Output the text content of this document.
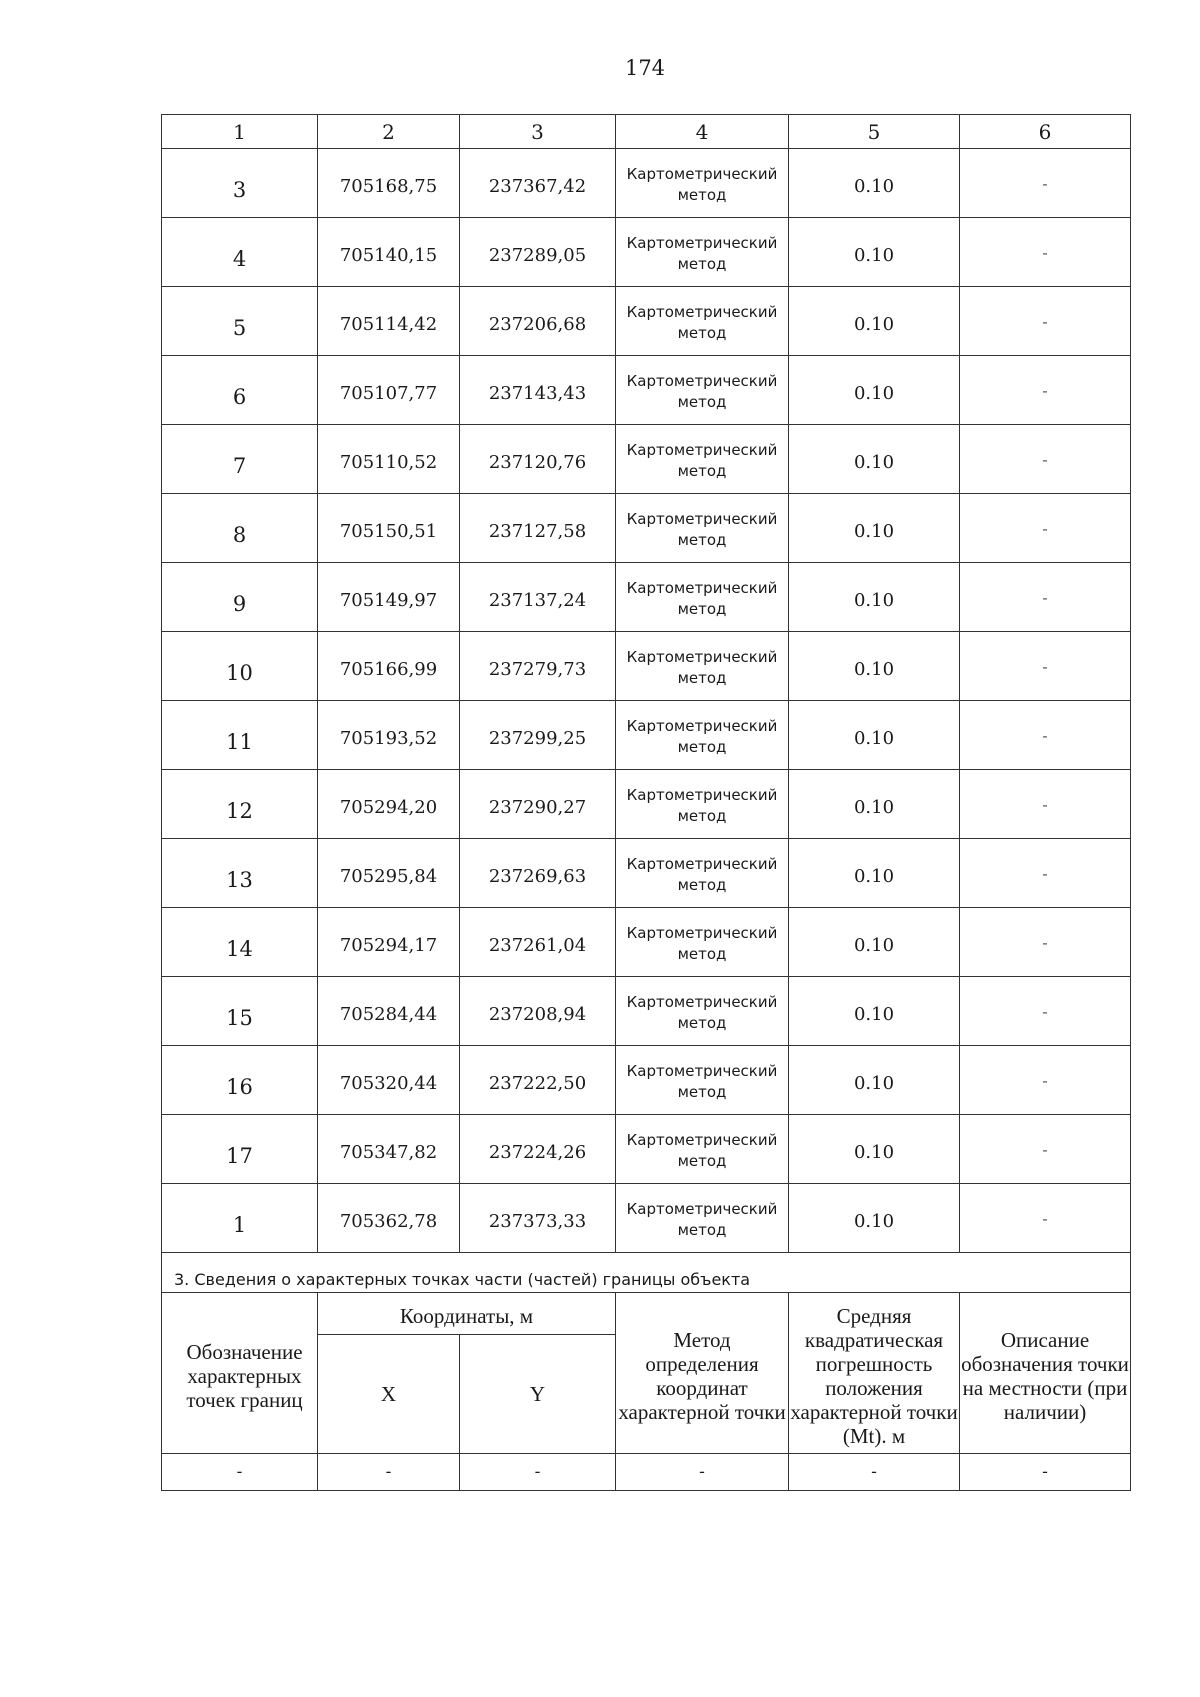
174
1	2	3	4	5	6
3	705168,75	237367,42	Картометрический метод	0.10	-
4	705140,15	237289,05	Картометрический метод	0.10	-
5	705114,42	237206,68	Картометрический метод	0.10	-
6	705107,77	237143,43	Картометрический метод	0.10	-
7	705110,52	237120,76	Картометрический метод	0.10	-
8	705150,51	237127,58	Картометрический метод	0.10	-
9	705149,97	237137,24	Картометрический метод	0.10	-
10	705166,99	237279,73	Картометрический метод	0.10	-
11	705193,52	237299,25	Картометрический метод	0.10	-
12	705294,20	237290,27	Картометрический метод	0.10	-
13	705295,84	237269,63	Картометрический метод	0.10	-
14	705294,17	237261,04	Картометрический метод	0.10	-
15	705284,44	237208,94	Картометрический метод	0.10	-
16	705320,44	237222,50	Картометрический метод	0.10	-
17	705347,82	237224,26	Картометрический метод	0.10	-
1	705362,78	237373,33	Картометрический метод	0.10	-
3. Сведения о характерных точках части (частей) границы объекта					
Обозначение характерных точек границ	Координаты, м		Метод определения координат характерной точки	Средняя квадратическая погрешность положения характерной точки (Mt). м	Описание обозначения точки на местности (при наличии)
	X	Y			
-	-	-	-	-	-
